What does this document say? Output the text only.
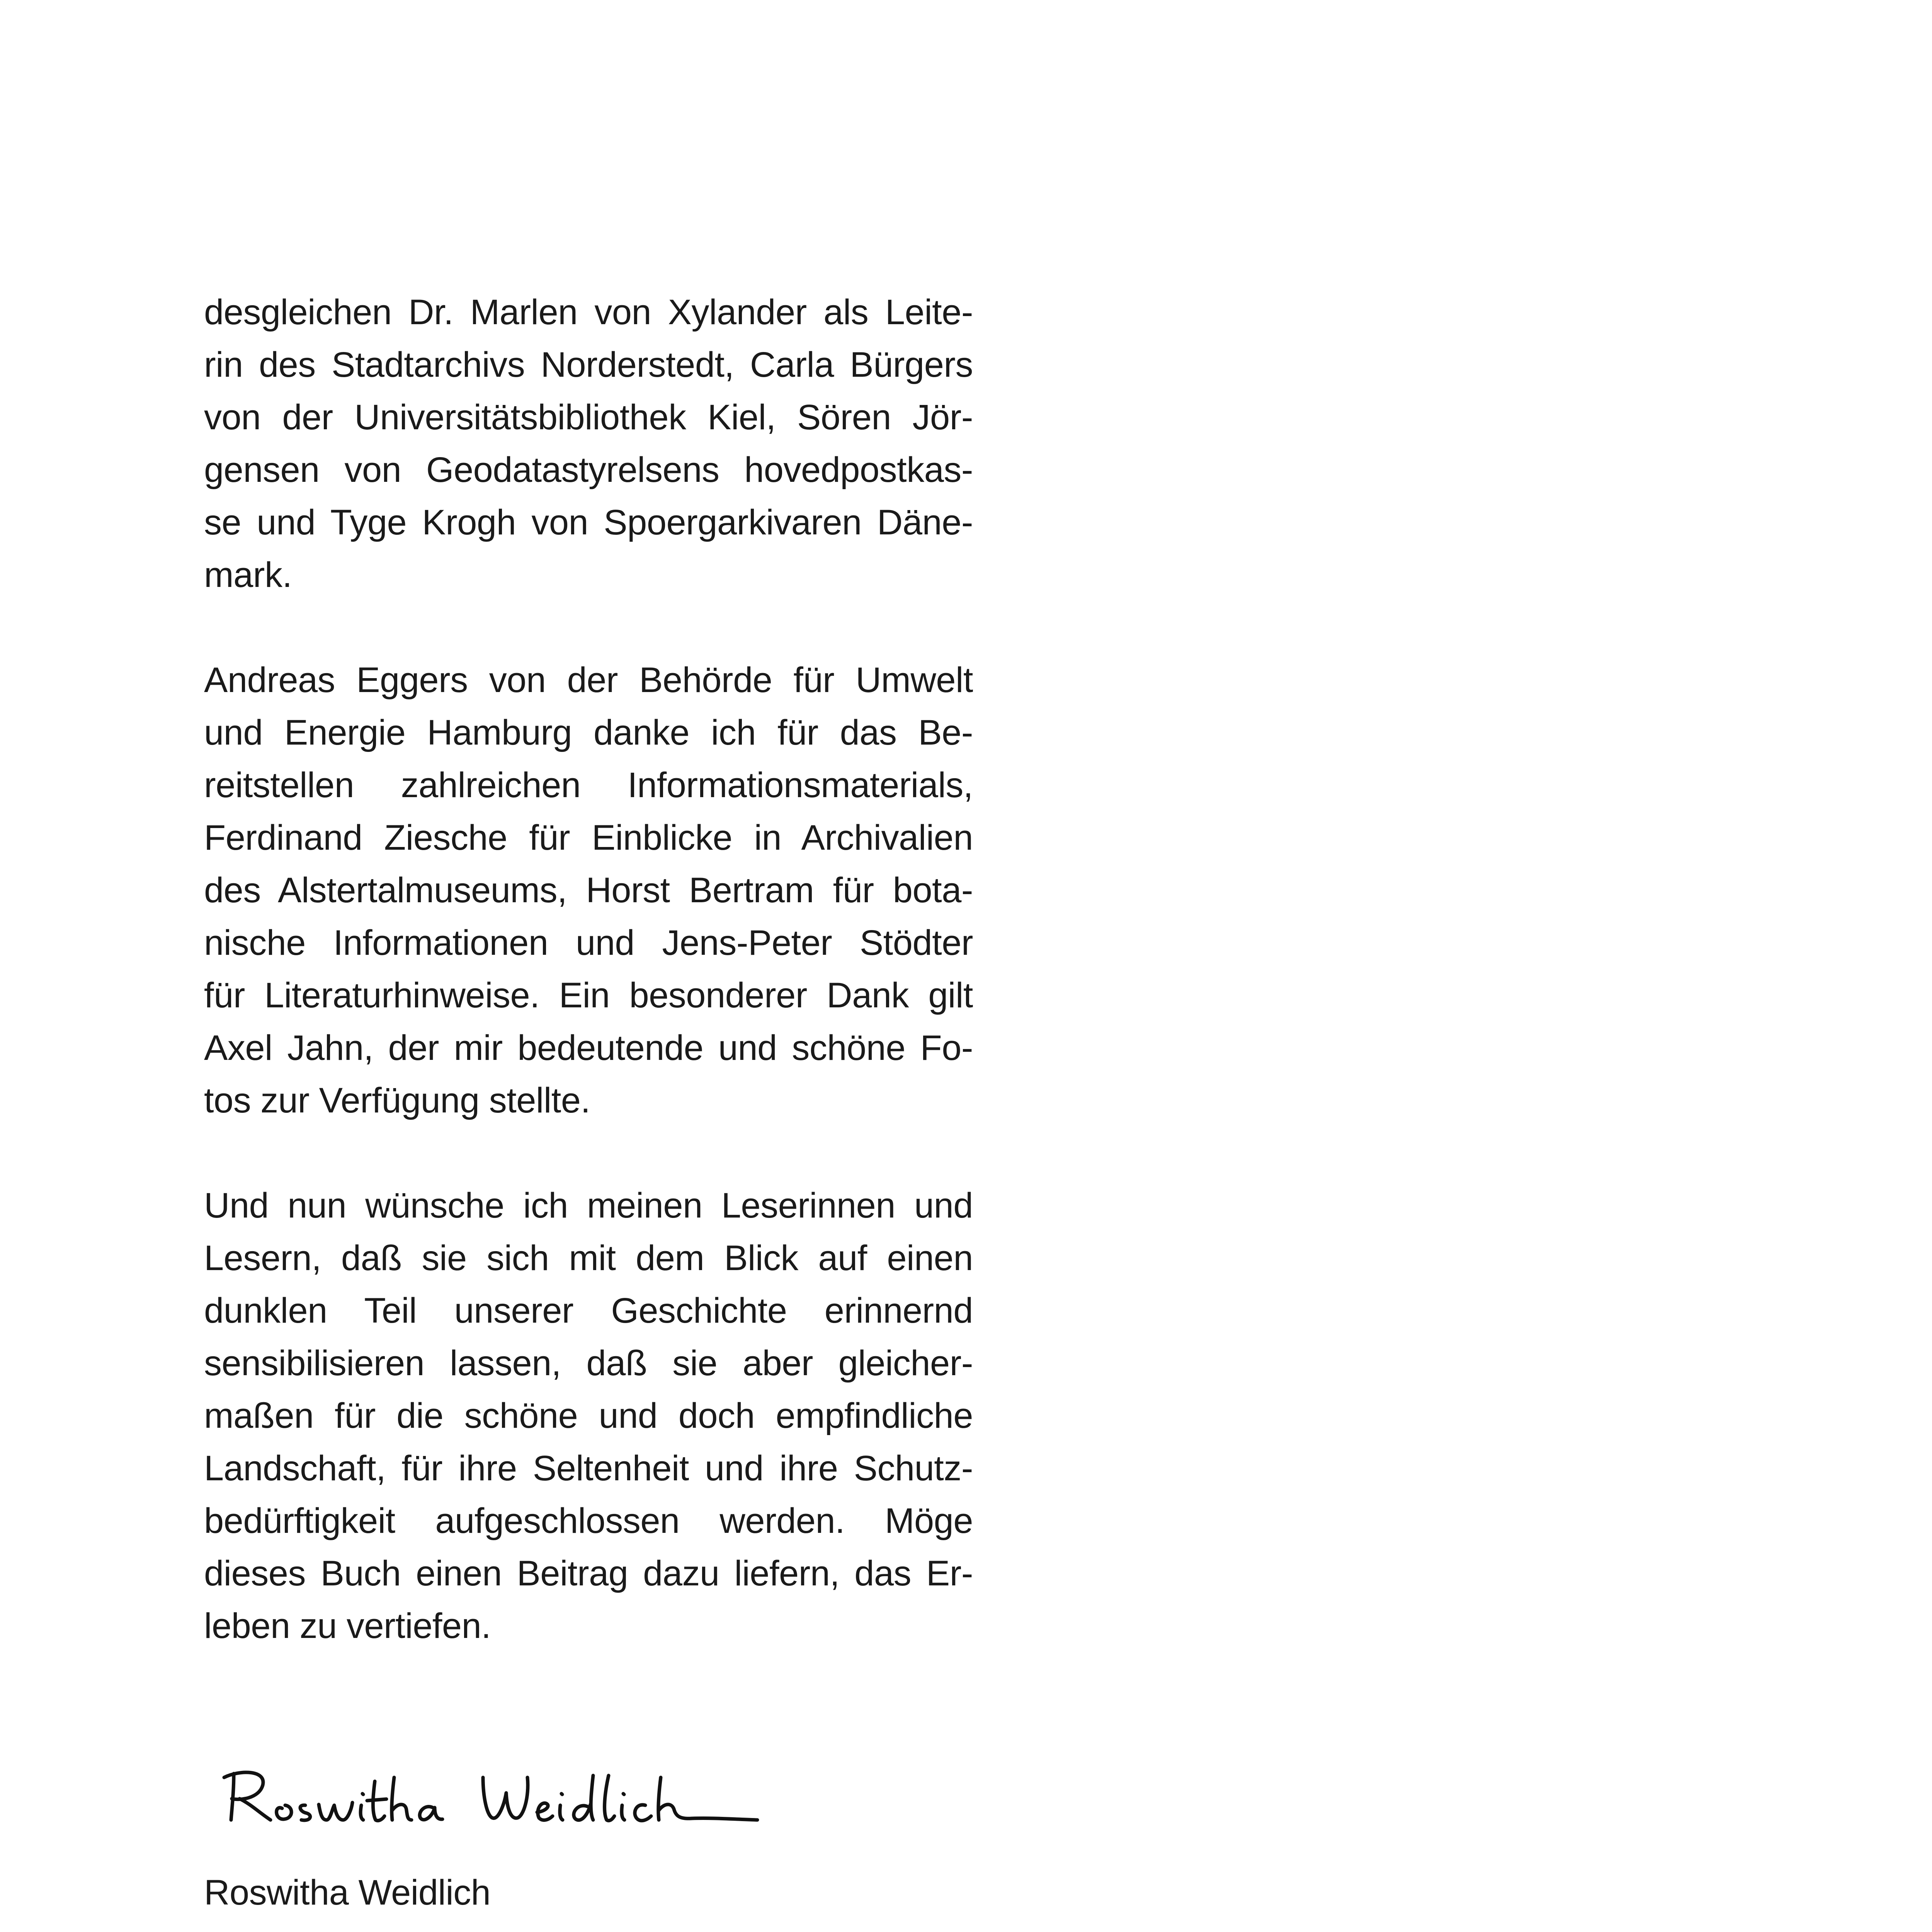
desgleichen Dr. Marlen von Xylander als Leite-
rin des Stadtarchivs Norderstedt, Carla Bürgers
von der Universitätsbibliothek Kiel, Sören Jör-
gensen von Geodatastyrelsens hovedpostkas-
se und Tyge Krogh von Spoergarkivaren Däne-
mark.
Andreas Eggers von der Behörde für Umwelt
und Energie Hamburg danke ich für das Be-
reitstellen zahlreichen Informationsmaterials,
Ferdinand Ziesche für Einblicke in Archivalien
des Alstertalmuseums, Horst Bertram für bota-
nische Informationen und Jens-Peter Stödter
für Literaturhinweise. Ein besonderer Dank gilt
Axel Jahn, der mir bedeutende und schöne Fo-
tos zur Verfügung stellte.
Und nun wünsche ich meinen Leserinnen und
Lesern, daß sie sich mit dem Blick auf einen
dunklen Teil unserer Geschichte erinnernd
sensibilisieren lassen, daß sie aber gleicher-
maßen für die schöne und doch empfindliche
Landschaft, für ihre Seltenheit und ihre Schutz-
bedürftigkeit aufgeschlossen werden. Möge
dieses Buch einen Beitrag dazu liefern, das Er-
leben zu vertiefen.
Roswitha Weidlich
